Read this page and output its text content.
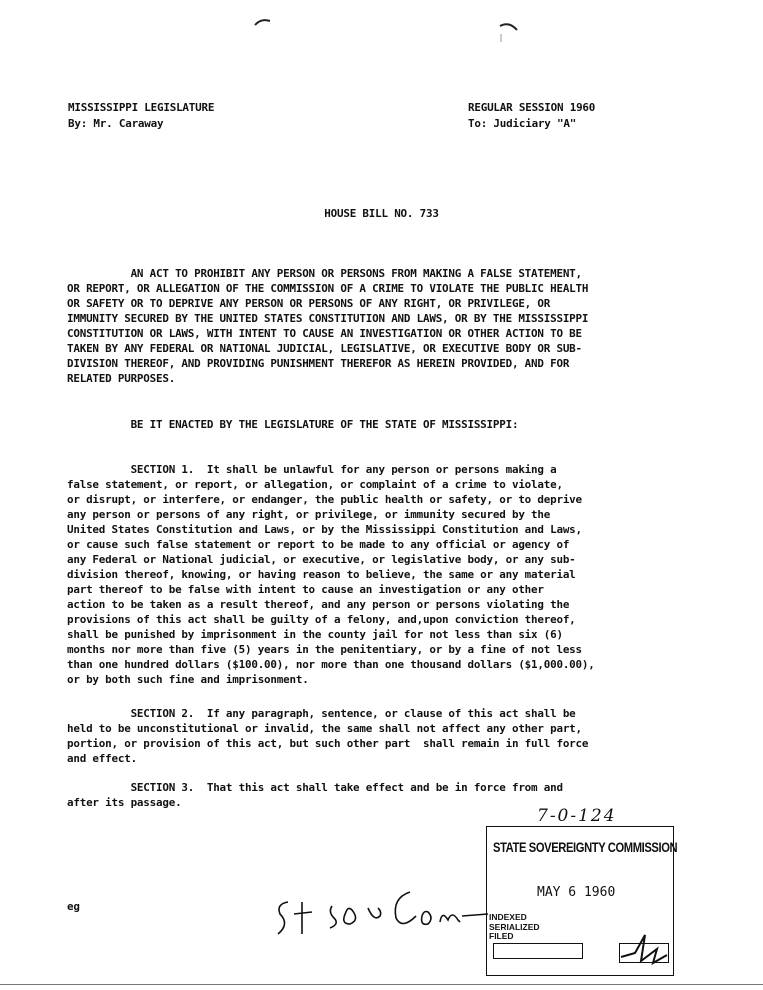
MISSISSIPPI LEGISLATURE
By: Mr. Caraway
REGULAR SESSION 1960
To: Judiciary "A"
HOUSE BILL NO. 733
AN ACT TO PROHIBIT ANY PERSON OR PERSONS FROM MAKING A FALSE STATEMENT,
OR REPORT, OR ALLEGATION OF THE COMMISSION OF A CRIME TO VIOLATE THE PUBLIC HEALTH
OR SAFETY OR TO DEPRIVE ANY PERSON OR PERSONS OF ANY RIGHT, OR PRIVILEGE, OR
IMMUNITY SECURED BY THE UNITED STATES CONSTITUTION AND LAWS, OR BY THE MISSISSIPPI
CONSTITUTION OR LAWS, WITH INTENT TO CAUSE AN INVESTIGATION OR OTHER ACTION TO BE
TAKEN BY ANY FEDERAL OR NATIONAL JUDICIAL, LEGISLATIVE, OR EXECUTIVE BODY OR SUB-
DIVISION THEREOF, AND PROVIDING PUNISHMENT THEREFOR AS HEREIN PROVIDED, AND FOR
RELATED PURPOSES.
BE IT ENACTED BY THE LEGISLATURE OF THE STATE OF MISSISSIPPI:
SECTION 1.  It shall be unlawful for any person or persons making a
false statement, or report, or allegation, or complaint of a crime to violate,
or disrupt, or interfere, or endanger, the public health or safety, or to deprive
any person or persons of any right, or privilege, or immunity secured by the
United States Constitution and Laws, or by the Mississippi Constitution and Laws,
or cause such false statement or report to be made to any official or agency of
any Federal or National judicial, or executive, or legislative body, or any sub-
division thereof, knowing, or having reason to believe, the same or any material
part thereof to be false with intent to cause an investigation or any other
action to be taken as a result thereof, and any person or persons violating the
provisions of this act shall be guilty of a felony, and,upon conviction thereof,
shall be punished by imprisonment in the county jail for not less than six (6)
months nor more than five (5) years in the penitentiary, or by a fine of not less
than one hundred dollars ($100.00), nor more than one thousand dollars ($1,000.00),
or by both such fine and imprisonment.
SECTION 2.  If any paragraph, sentence, or clause of this act shall be
held to be unconstitutional or invalid, the same shall not affect any other part,
portion, or provision of this act, but such other part  shall remain in full force
and effect.
SECTION 3.  That this act shall take effect and be in force from and
after its passage.
eg
7-0-124
STATE SOVEREIGNTY COMMISSION
MAY 6 1960
INDEXED
SERIALIZED
FILED
